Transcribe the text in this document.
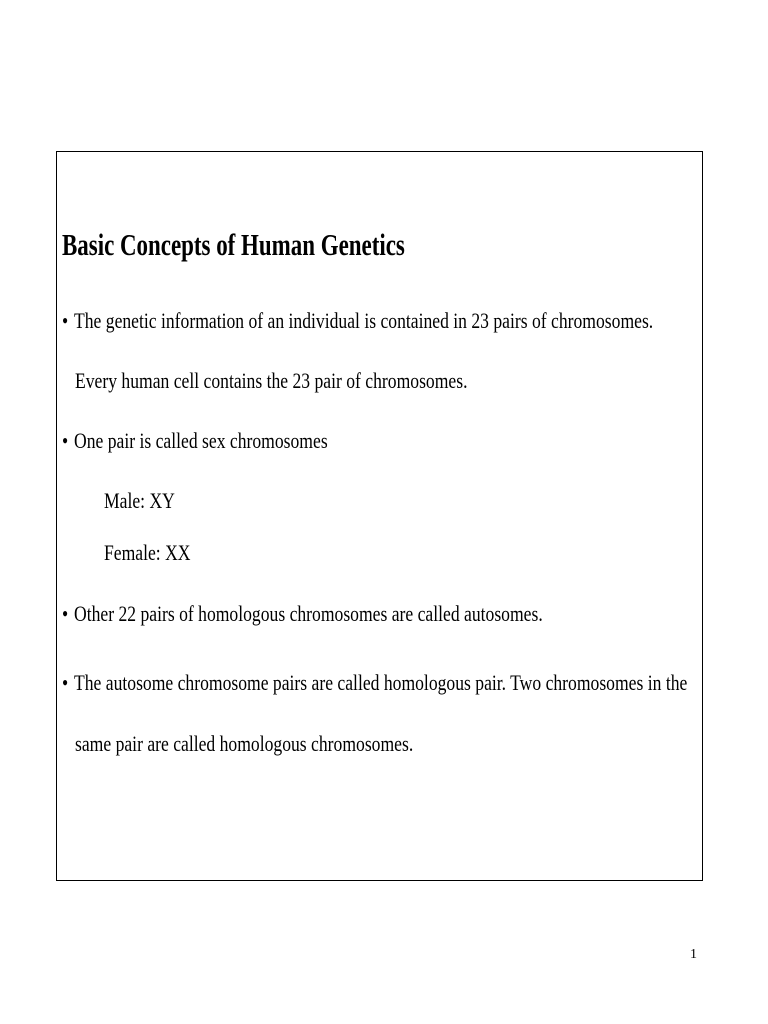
Basic Concepts of Human Genetics
• The genetic information of an individual is contained in 23 pairs of chromosomes.
Every human cell contains the 23 pair of chromosomes.
• One pair is called sex chromosomes
Male: XY
Female: XX
• Other 22 pairs of homologous chromosomes are called autosomes.
• The autosome chromosome pairs are called homologous pair. Two chromosomes in the
same pair are called homologous chromosomes.
1
